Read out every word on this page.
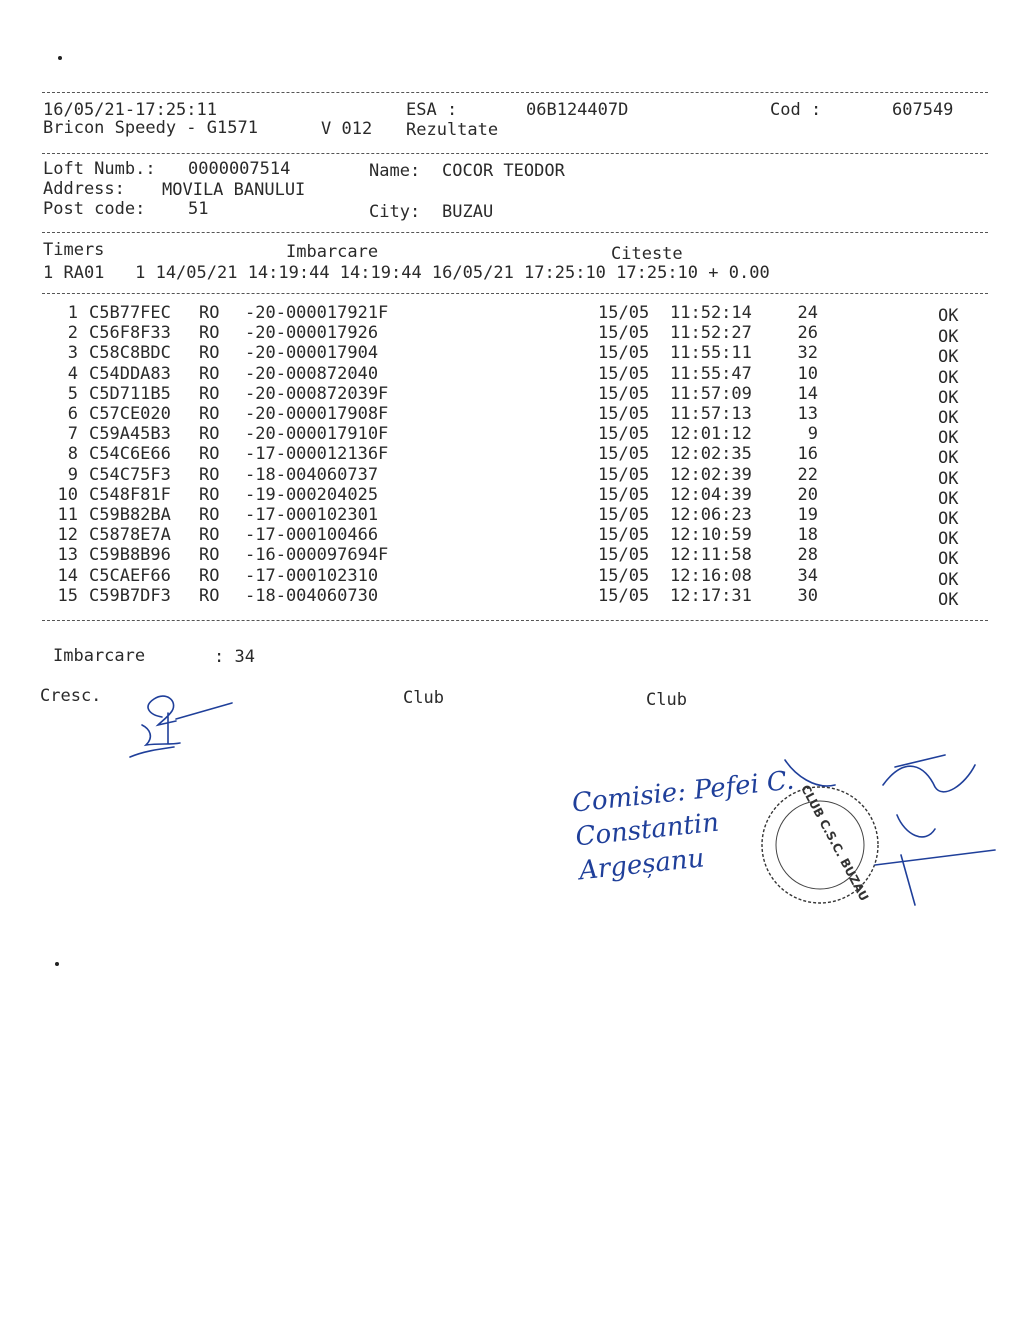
16/05/21-17:25:11	ESA :	06B124407D	Cod :	607549
Bricon Speedy - G1571	V 012 Rezultate
Loft Numb.: 0000007514	Name: COCOR TEODOR
Address: MOVILA BANULUI
Post code:	51	City: BUZAU
Timers	Imbarcare	Citeste
1 RA01   1 14/05/21 14:19:44 14:19:44 16/05/21 17:25:10 17:25:10 + 0.00
1 C5B77FEC RO -20-000017921F	15/05 11:52:14	24	OK
2 C56F8F33 RO -20-000017926	15/05 11:52:27	26	OK
3 C58C8BDC RO -20-000017904	15/05 11:55:11	32	OK
4 C54DDA83 RO -20-000872040	15/05 11:55:47	10	OK
5 C5D711B5 RO -20-000872039F	15/05 11:57:09	14	OK
6 C57CE020 RO -20-000017908F	15/05 11:57:13	13	OK
7 C59A45B3 RO -20-000017910F	15/05 12:01:12	9	OK
8 C54C6E66 RO -17-000012136F	15/05 12:02:35	16	OK
9 C54C75F3 RO -18-004060737	15/05 12:02:39	22	OK
10 C548F81F RO -19-000204025	15/05 12:04:39	20	OK
11 C59B82BA RO -17-000102301	15/05 12:06:23	19	OK
12 C5878E7A RO -17-000100466	15/05 12:10:59	18	OK
13 C59B8B96 RO -16-000097694F	15/05 12:11:58	28	OK
14 C5CAEF66 RO -17-000102310	15/05 12:16:08	34	OK
15 C59B7DF3 RO -18-004060730	15/05 12:17:31	30	OK
Imbarcare	: 34
Cresc.	Club	Club
Comisie: Pefei C. Constantin Argeșanu	CLUB C.S.C. BUZAU
